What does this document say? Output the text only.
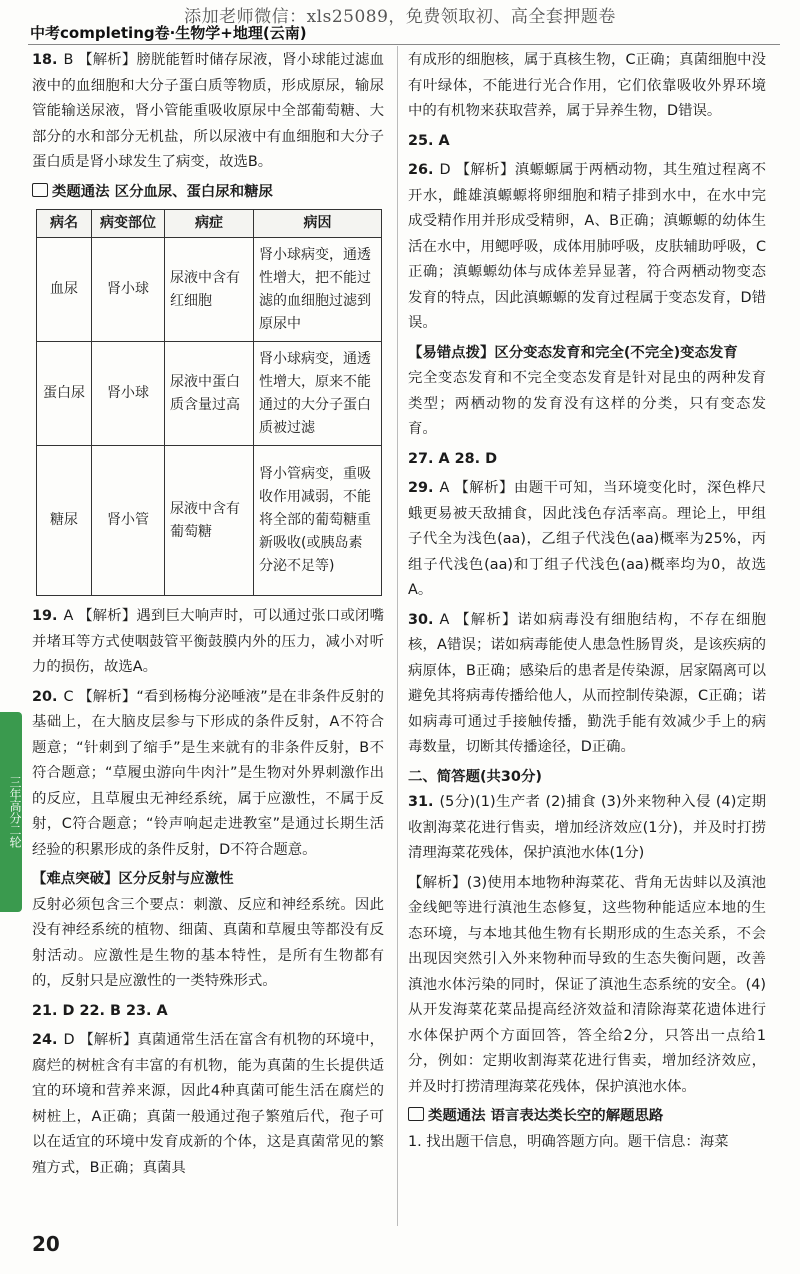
添加老师微信：xls25089，免费领取初、高全套押题卷
中考completing卷·生物学+地理(云南)

18. B 【解析】膀胱能暂时储存尿液，肾小球能过滤血液中的血细胞和大分子蛋白质等物质，形成原尿，输尿管能输送尿液，肾小管能重吸收原尿中全部葡萄糖、大部分的水和部分无机盐，所以尿液中有血细胞和大分子蛋白质是肾小球发生了病变，故选B。

类题通法 区分血尿、蛋白尿和糖尿

病名	病变部位	病症	病因
血尿	肾小球	尿液中含有红细胞	肾小球病变，通透性增大，把不能过滤的血细胞过滤到原尿中
蛋白尿	肾小球	尿液中蛋白质含量过高	肾小球病变，通透性增大，原来不能通过的大分子蛋白质被过滤
糖尿	肾小管	尿液中含有葡萄糖	肾小管病变，重吸收作用减弱，不能将全部的葡萄糖重新吸收(或胰岛素分泌不足等)

19. A 【解析】遇到巨大响声时，可以通过张口或闭嘴并堵耳等方式使咽鼓管平衡鼓膜内外的压力，减小对听力的损伤，故选A。

20. C 【解析】“看到杨梅分泌唾液”是在非条件反射的基础上，在大脑皮层参与下形成的条件反射，A不符合题意；“针刺到了缩手”是生来就有的非条件反射，B不符合题意；“草履虫游向牛肉汁”是生物对外界刺激作出的反应，且草履虫无神经系统，属于应激性，不属于反射，C符合题意；“铃声响起走进教室”是通过长期生活经验的积累形成的条件反射，D不符合题意。

【难点突破】区分反射与应激性

反射必须包含三个要点：刺激、反应和神经系统。因此没有神经系统的植物、细菌、真菌和草履虫等都没有反射活动。应激性是生物的基本特性，是所有生物都有的，反射只是应激性的一类特殊形式。

21. D 22. B 23. A

24. D 【解析】真菌通常生活在富含有机物的环境中，腐烂的树桩含有丰富的有机物，能为真菌的生长提供适宜的环境和营养来源，因此4种真菌可能生活在腐烂的树桩上，A正确；真菌一般通过孢子繁殖后代，孢子可以在适宜的环境中发育成新的个体，这是真菌常见的繁殖方式，B正确；真菌具

有成形的细胞核，属于真核生物，C正确；真菌细胞中没有叶绿体，不能进行光合作用，它们依靠吸收外界环境中的有机物来获取营养，属于异养生物，D错误。

25. A

26. D 【解析】滇螈螈属于两栖动物，其生殖过程离不开水，雌雄滇螈螈将卵细胞和精子排到水中，在水中完成受精作用并形成受精卵，A、B正确；滇螈螈的幼体生活在水中，用鳃呼吸，成体用肺呼吸，皮肤辅助呼吸，C正确；滇螈螈幼体与成体差异显著，符合两栖动物变态发育的特点，因此滇螈螈的发育过程属于变态发育，D错误。

【易错点拨】区分变态发育和完全(不完全)变态发育

完全变态发育和不完全变态发育是针对昆虫的两种发育类型；两栖动物的发育没有这样的分类，只有变态发育。

27. A 28. D

29. A 【解析】由题干可知，当环境变化时，深色桦尺蛾更易被天敌捕食，因此浅色存活率高。理论上，甲组子代全为浅色(aa)，乙组子代浅色(aa)概率为25%，丙组子代浅色(aa)和丁组子代浅色(aa)概率均为0，故选A。

30. A 【解析】诺如病毒没有细胞结构，不存在细胞核，A错误；诺如病毒能使人患急性肠胃炎，是该疾病的病原体，B正确；感染后的患者是传染源，居家隔离可以避免其将病毒传播给他人，从而控制传染源，C正确；诺如病毒可通过手接触传播，勤洗手能有效减少手上的病毒数量，切断其传播途径，D正确。

二、简答题(共30分)

31. (5分)(1)生产者 (2)捕食 (3)外来物种入侵 (4)定期收割海菜花进行售卖，增加经济效应(1分)，并及时打捞清理海菜花残体，保护滇池水体(1分)

【解析】(3)使用本地物种海菜花、背角无齿蚌以及滇池金线鲃等进行滇池生态修复，这些物种能适应本地的生态环境，与本地其他生物有长期形成的生态关系，不会出现因突然引入外来物种而导致的生态失衡问题，改善滇池水体污染的同时，保证了滇池生态系统的安全。(4)从开发海菜花菜品提高经济效益和清除海菜花遗体进行水体保护两个方面回答，答全给2分，只答出一点给1分，例如：定期收割海菜花进行售卖，增加经济效应，并及时打捞清理海菜花残体，保护滇池水体。

类题通法 语言表达类长空的解题思路

1. 找出题干信息，明确答题方向。题干信息：海菜

三年高分二轮
20
